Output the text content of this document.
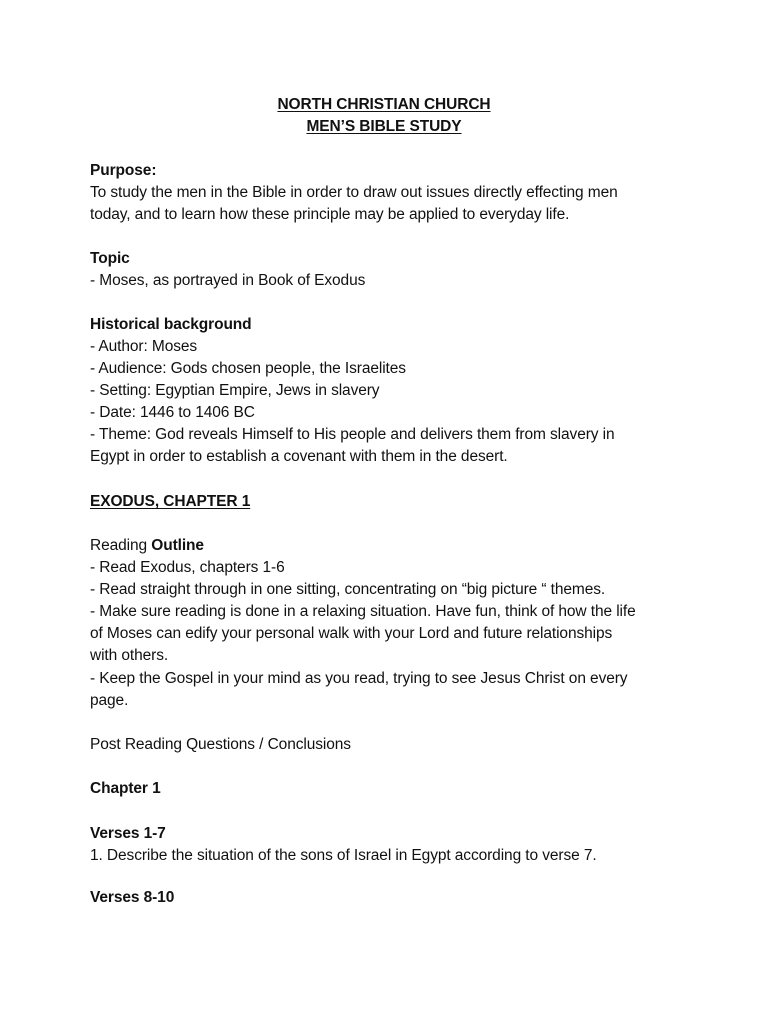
NORTH CHRISTIAN CHURCH
MEN’S BIBLE STUDY
Purpose:
To study the men in the Bible in order to draw out issues directly effecting men
today, and to learn how these principle may be applied to everyday life.
Topic
- Moses, as portrayed in Book of Exodus
Historical background
- Author: Moses
- Audience: Gods chosen people, the Israelites
- Setting: Egyptian Empire, Jews in slavery
- Date: 1446 to 1406 BC
- Theme: God reveals Himself to His people and delivers them from slavery in
Egypt in order to establish a covenant with them in the desert.
EXODUS, CHAPTER 1
Reading Outline
- Read Exodus, chapters 1-6
- Read straight through in one sitting, concentrating on “big picture “ themes.
- Make sure reading is done in a relaxing situation. Have fun, think of how the life
of Moses can edify your personal walk with your Lord and future relationships
with others.
- Keep the Gospel in your mind as you read, trying to see Jesus Christ on every
page.
Post Reading Questions / Conclusions
Chapter 1
Verses 1-7
1. Describe the situation of the sons of Israel in Egypt according to verse 7.
Verses 8-10
